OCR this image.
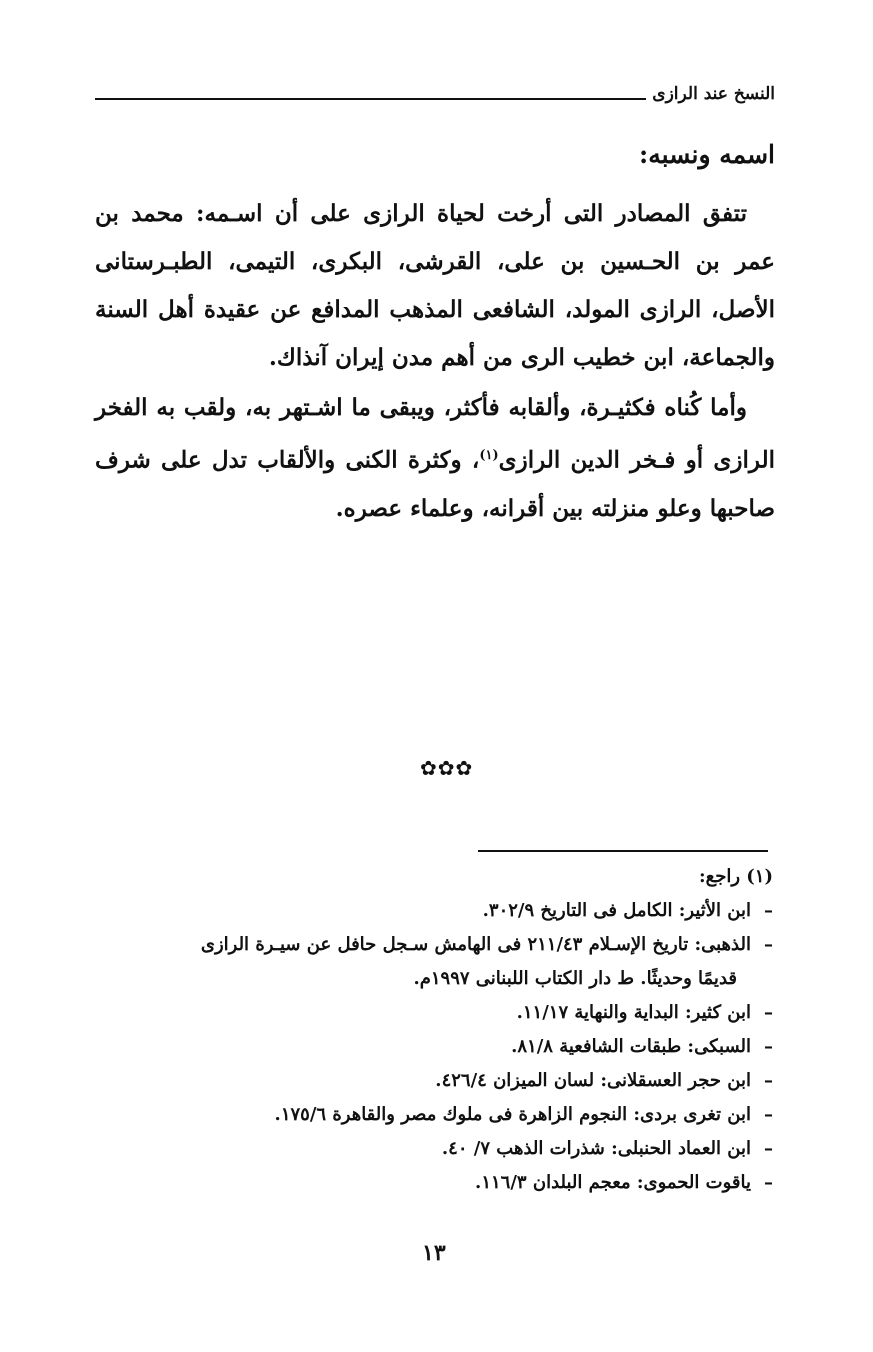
النسخ عند الرازى
اسمه ونسبه:

تتفق المصادر التى أرخت لحياة الرازى على أن اسـمه: محمد بن عمر بن الحـسين بن على، القرشى، البكرى، التيمى، الطبـرستانى الأصل، الرازى المولد، الشافعى المذهب المدافع عن عقيدة أهل السنة والجماعة، ابن خطيب الرى من أهم مدن إيران آنذاك.

وأما كُناه فكثيـرة، وألقابه فأكثر، ويبقى ما اشـتهر به، ولقب به الفخر الرازى أو فـخر الدين الرازى$^{(١)}$، وكثرة الكنى والألقاب تدل على شرف صاحبها وعلو منزلته بين أقرانه، وعلماء عصره.

✿✿✿
(١) راجع:
– ابن الأثير: الكامل فى التاريخ ٣٠٢/٩.
– الذهبى: تاريخ الإسـلام ٢١١/٤٣ فى الهامش سـجل حافل عن سيـرة الرازى
قديمًا وحديثًا. ط دار الكتاب اللبنانى ١٩٩٧م.
– ابن كثير: البداية والنهاية ١١/١٧.
– السبكى: طبقات الشافعية ٨١/٨.
– ابن حجر العسقلانى: لسان الميزان ٤٢٦/٤.
– ابن تغرى بردى: النجوم الزاهرة فى ملوك مصر والقاهرة ١٧٥/٦.
– ابن العماد الحنبلى: شذرات الذهب ٧/ ٤٠.
– ياقوت الحموى: معجم البلدان ١١٦/٣.
١٣
